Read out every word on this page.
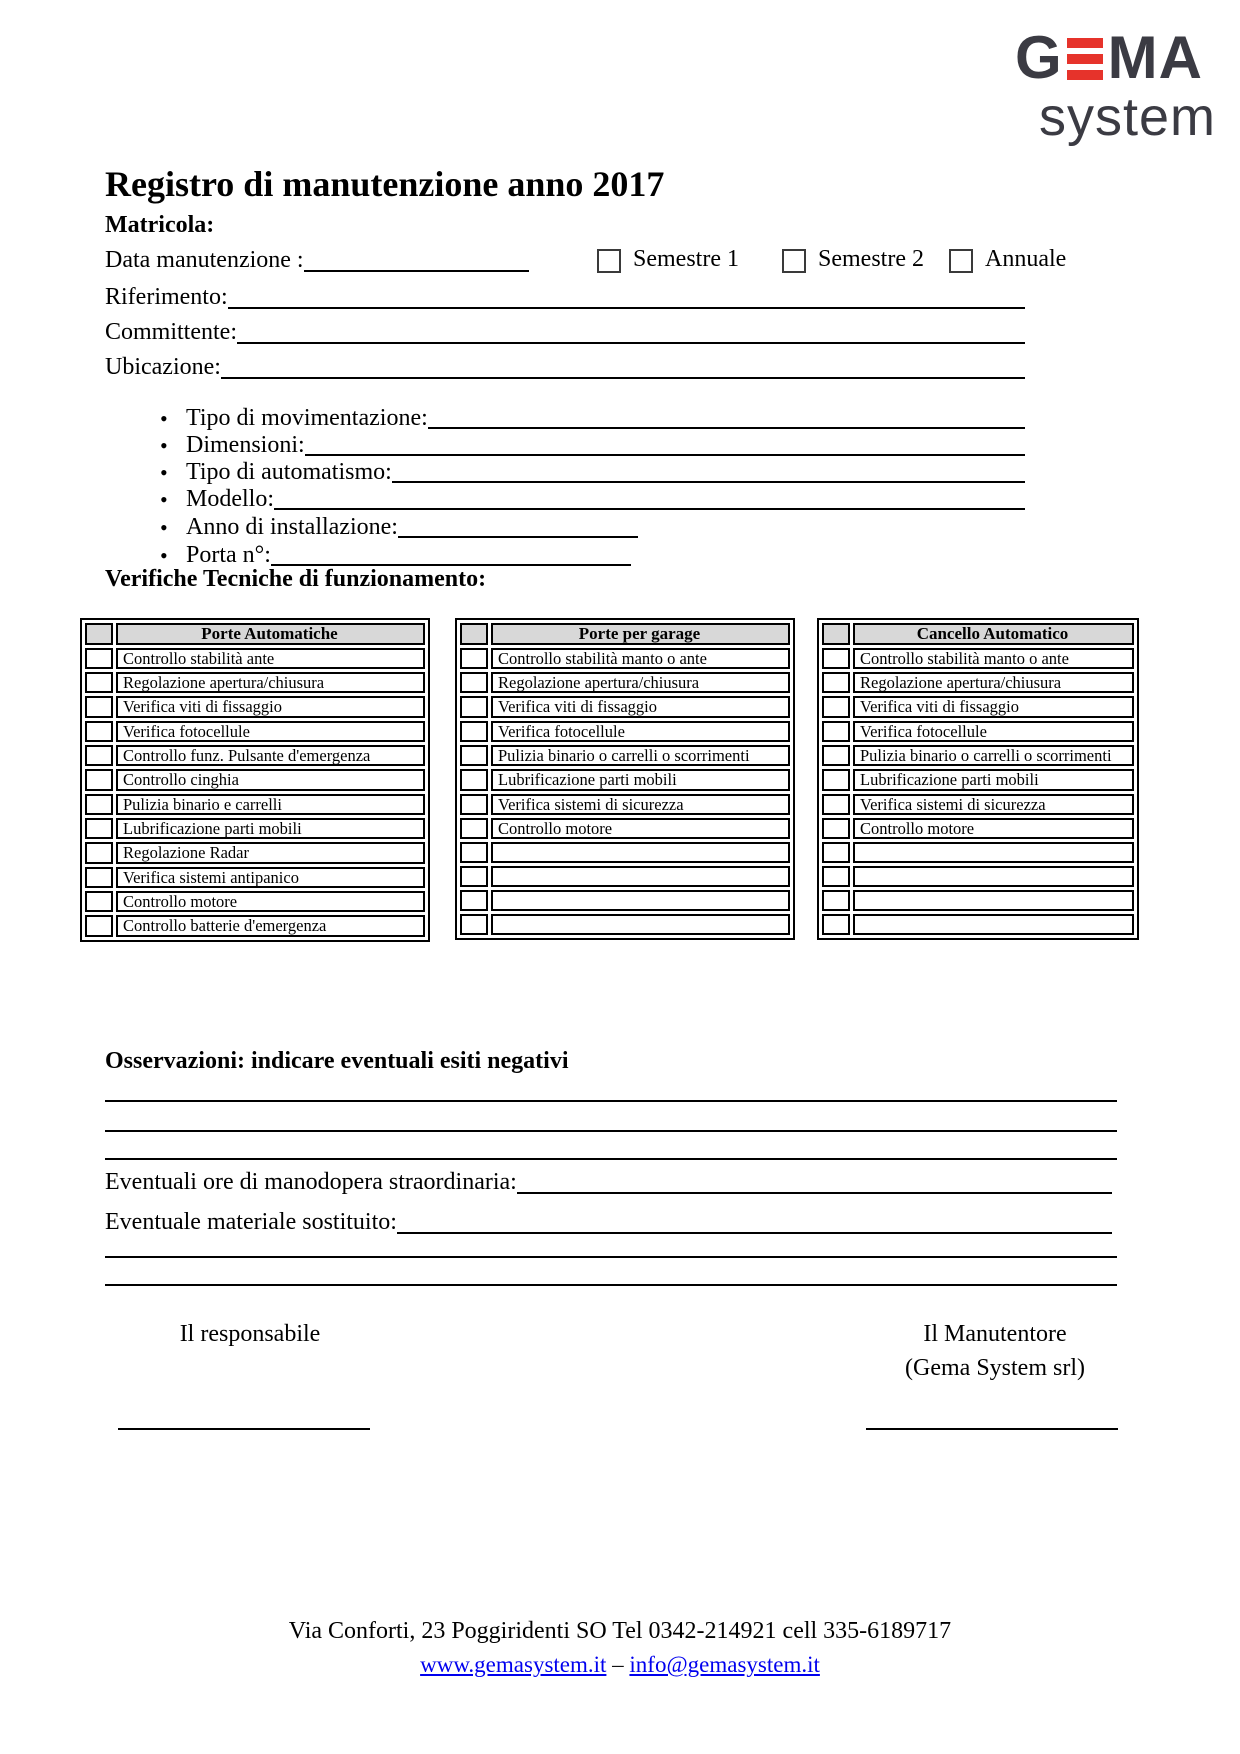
G MA
system
Registro di manutenzione anno 2017
Matricola:
Data manutenzione :	Semestre 1	Semestre 2	Annuale
Riferimento:
Committente:
Ubicazione:
• Tipo di movimentazione:
• Dimensioni:
• Tipo di automatismo:
• Modello:
• Anno di installazione:
• Porta n°:
Verifiche Tecniche di funzionamento:
	Porte Automatiche
	Controllo stabilità ante
	Regolazione apertura/chiusura
	Verifica viti di fissaggio
	Verifica fotocellule
	Controllo funz. Pulsante d'emergenza
	Controllo cinghia
	Pulizia binario e carrelli
	Lubrificazione parti mobili
	Regolazione Radar
	Verifica sistemi antipanico
	Controllo motore
	Controllo batterie d'emergenza
	Porte per garage
	Controllo stabilità manto o ante
	Regolazione apertura/chiusura
	Verifica viti di fissaggio
	Verifica fotocellule
	Pulizia binario o carrelli o scorrimenti
	Lubrificazione parti mobili
	Verifica sistemi di sicurezza
	Controllo motore

	Cancello Automatico
	Controllo stabilità manto o ante
	Regolazione apertura/chiusura
	Verifica viti di fissaggio
	Verifica fotocellule
	Pulizia binario o carrelli o scorrimenti
	Lubrificazione parti mobili
	Verifica sistemi di sicurezza
	Controllo motore

Osservazioni: indicare eventuali esiti negativi
Eventuali ore di manodopera straordinaria:
Eventuale materiale sostituito:
Il responsabile	Il Manutentore
(Gema System srl)
Via Conforti, 23 Poggiridenti SO Tel 0342-214921 cell 335-6189717
www.gemasystem.it – info@gemasystem.it
